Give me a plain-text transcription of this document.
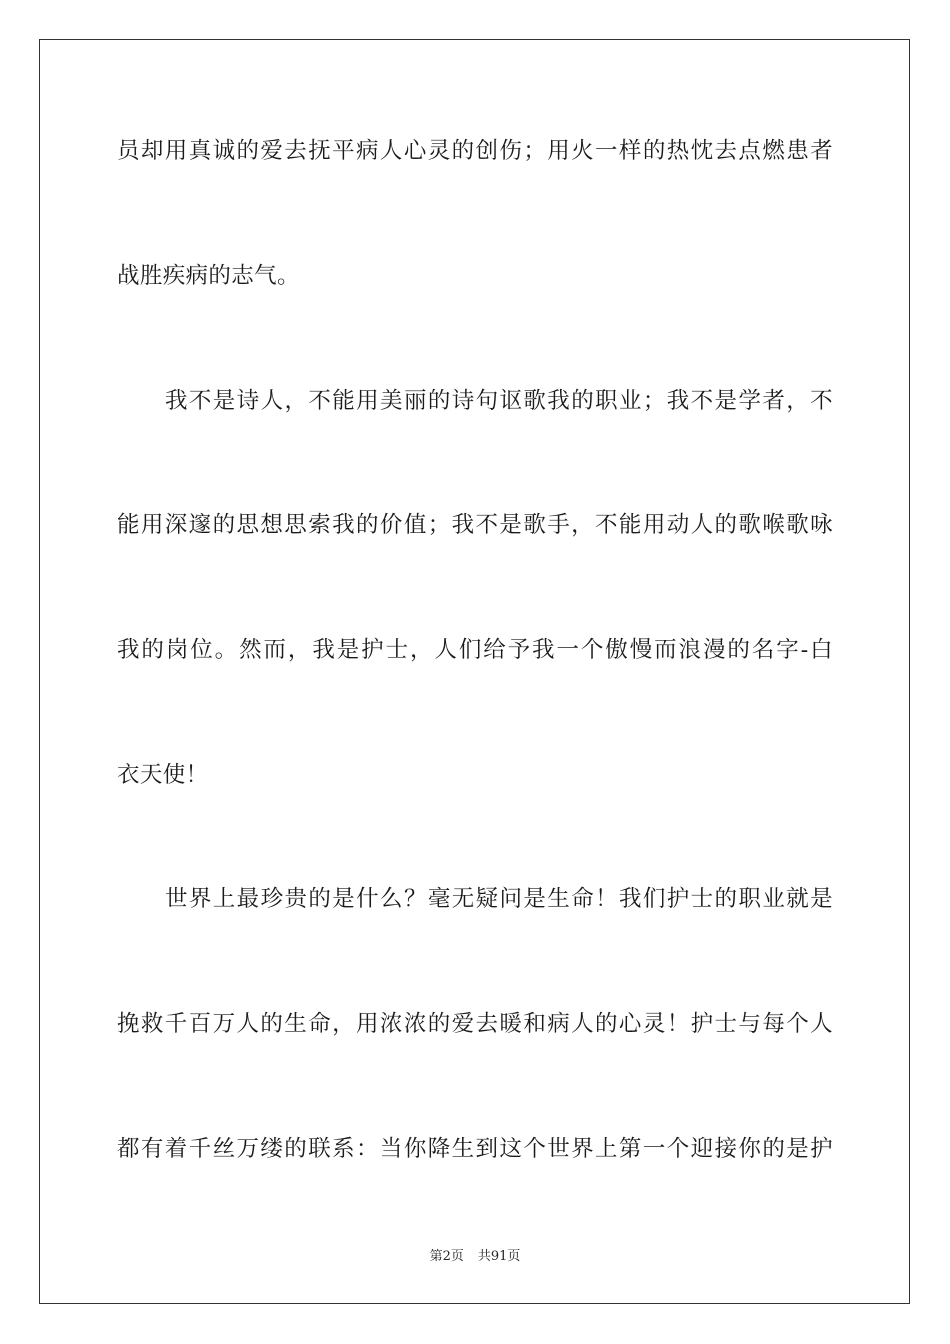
员却用真诚的爱去抚平病人心灵的创伤；用火一样的热忱去点燃患者
战胜疾病的志气。
我不是诗人，不能用美丽的诗句讴歌我的职业；我不是学者，不
能用深邃的思想思索我的价值；我不是歌手，不能用动人的歌喉歌咏
我的岗位。然而，我是护士，人们给予我一个傲慢而浪漫的名字-白
衣天使！
世界上最珍贵的是什么？毫无疑问是生命！我们护士的职业就是
挽救千百万人的生命，用浓浓的爱去暖和病人的心灵！护士与每个人
都有着千丝万缕的联系：当你降生到这个世界上第一个迎接你的是护
第2页 共91页
